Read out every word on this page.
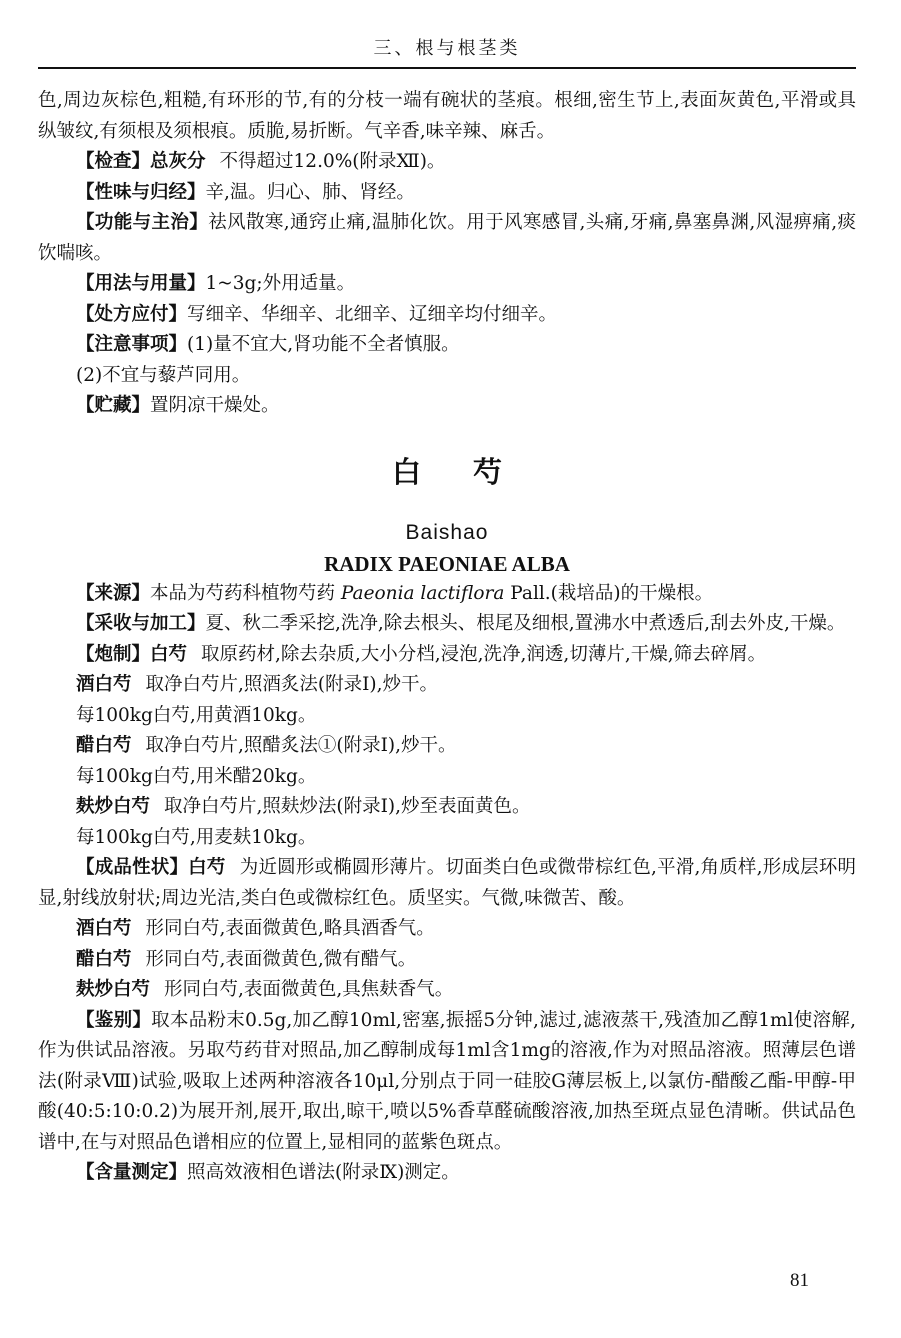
三、根与根茎类

色,周边灰棕色,粗糙,有环形的节,有的分枝一端有碗状的茎痕。根细,密生节上,表面灰黄色,平滑或具纵皱纹,有须根及须根痕。质脆,易折断。气辛香,味辛辣、麻舌。

【检查】总灰分 不得超过12.0%(附录Ⅻ)。

【性味与归经】辛,温。归心、肺、肾经。

【功能与主治】祛风散寒,通窍止痛,温肺化饮。用于风寒感冒,头痛,牙痛,鼻塞鼻渊,风湿痹痛,痰饮喘咳。

【用法与用量】1~3g;外用适量。

【处方应付】写细辛、华细辛、北细辛、辽细辛均付细辛。

【注意事项】(1)量不宜大,肾功能不全者慎服。

(2)不宜与藜芦同用。

【贮藏】置阴凉干燥处。

白芍
Baishao
RADIX PAEONIAE ALBA

【来源】本品为芍药科植物芍药 Paeonia lactiflora Pall.(栽培品)的干燥根。

【采收与加工】夏、秋二季采挖,洗净,除去根头、根尾及细根,置沸水中煮透后,刮去外皮,干燥。

【炮制】白芍 取原药材,除去杂质,大小分档,浸泡,洗净,润透,切薄片,干燥,筛去碎屑。

酒白芍 取净白芍片,照酒炙法(附录Ⅰ),炒干。

每100kg白芍,用黄酒10kg。

醋白芍 取净白芍片,照醋炙法①(附录Ⅰ),炒干。

每100kg白芍,用米醋20kg。

麸炒白芍 取净白芍片,照麸炒法(附录Ⅰ),炒至表面黄色。

每100kg白芍,用麦麸10kg。

【成品性状】白芍 为近圆形或椭圆形薄片。切面类白色或微带棕红色,平滑,角质样,形成层环明显,射线放射状;周边光洁,类白色或微棕红色。质坚实。气微,味微苦、酸。

酒白芍 形同白芍,表面微黄色,略具酒香气。

醋白芍 形同白芍,表面微黄色,微有醋气。

麸炒白芍 形同白芍,表面微黄色,具焦麸香气。

【鉴别】取本品粉末0.5g,加乙醇10ml,密塞,振摇5分钟,滤过,滤液蒸干,残渣加乙醇1ml使溶解,作为供试品溶液。另取芍药苷对照品,加乙醇制成每1ml含1mg的溶液,作为对照品溶液。照薄层色谱法(附录Ⅷ)试验,吸取上述两种溶液各10μl,分别点于同一硅胶G薄层板上,以氯仿-醋酸乙酯-甲醇-甲酸(40:5:10:0.2)为展开剂,展开,取出,晾干,喷以5%香草醛硫酸溶液,加热至斑点显色清晰。供试品色谱中,在与对照品色谱相应的位置上,显相同的蓝紫色斑点。

【含量测定】照高效液相色谱法(附录Ⅸ)测定。

81
